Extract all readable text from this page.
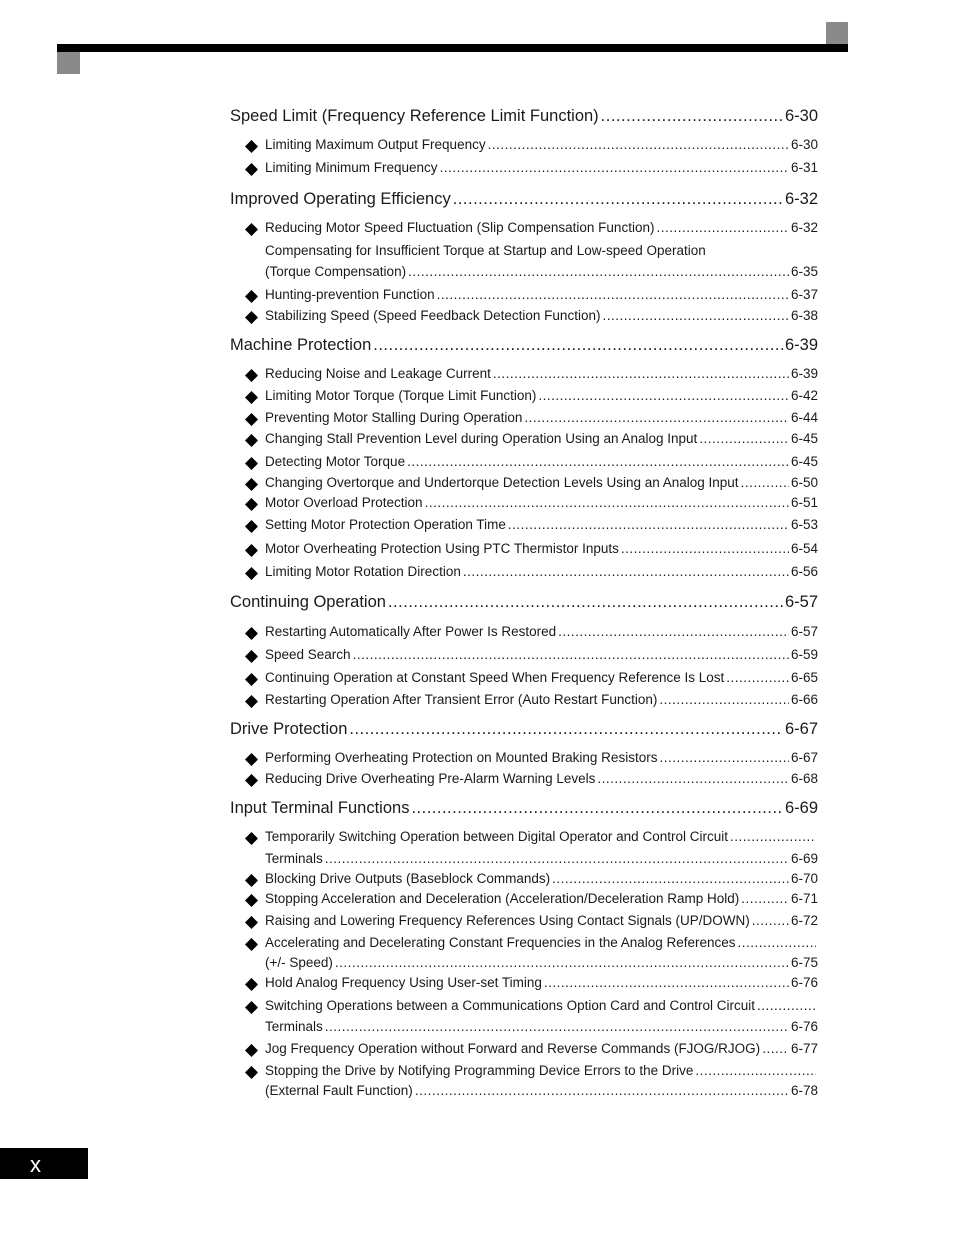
Speed Limit (Frequency Reference Limit Function) .....	6-30
Limiting Maximum Output Frequency .....	6-30
Limiting Minimum Frequency .....	6-31
Improved Operating Efficiency .....	6-32
Reducing Motor Speed Fluctuation (Slip Compensation Function) .....	6-32
Compensating for Insufficient Torque at Startup and Low-speed Operation
(Torque Compensation) .....	6-35
Hunting-prevention Function .....	6-37
Stabilizing Speed (Speed Feedback Detection Function) .....	6-38
Machine Protection .....	6-39
Reducing Noise and Leakage Current .....	6-39
Limiting Motor Torque (Torque Limit Function) .....	6-42
Preventing Motor Stalling During Operation .....	6-44
Changing Stall Prevention Level during Operation Using an Analog Input .....	6-45
Detecting Motor Torque .....	6-45
Changing Overtorque and Undertorque Detection Levels Using an Analog Input .....	6-50
Motor Overload Protection .....	6-51
Setting Motor Protection Operation Time .....	6-53
Motor Overheating Protection Using PTC Thermistor Inputs .....	6-54
Limiting Motor Rotation Direction .....	6-56
Continuing Operation .....	6-57
Restarting Automatically After Power Is Restored .....	6-57
Speed Search .....	6-59
Continuing Operation at Constant Speed When Frequency Reference Is Lost .....	6-65
Restarting Operation After Transient Error (Auto Restart Function) .....	6-66
Drive Protection .....	6-67
Performing Overheating Protection on Mounted Braking Resistors .....	6-67
Reducing Drive Overheating Pre-Alarm Warning Levels .....	6-68
Input Terminal Functions .....	6-69
Temporarily Switching Operation between Digital Operator and Control Circuit
.....
Terminals .....	6-69
Blocking Drive Outputs (Baseblock Commands) .....	6-70
Stopping Acceleration and Deceleration (Acceleration/Deceleration Ramp Hold) .....	6-71
Raising and Lowering Frequency References Using Contact Signals (UP/DOWN) .....	6-72
Accelerating and Decelerating Constant Frequencies in the Analog References
.....
(+/- Speed) .....	6-75
Hold Analog Frequency Using User-set Timing .....	6-76
Switching Operations between a Communications Option Card and Control Circuit
.....
Terminals .....	6-76
Jog Frequency Operation without Forward and Reverse Commands (FJOG/RJOG) ..... 6-77
Stopping the Drive by Notifying Programming Device Errors to the Drive
.....
(External Fault Function) .....	6-78
x
